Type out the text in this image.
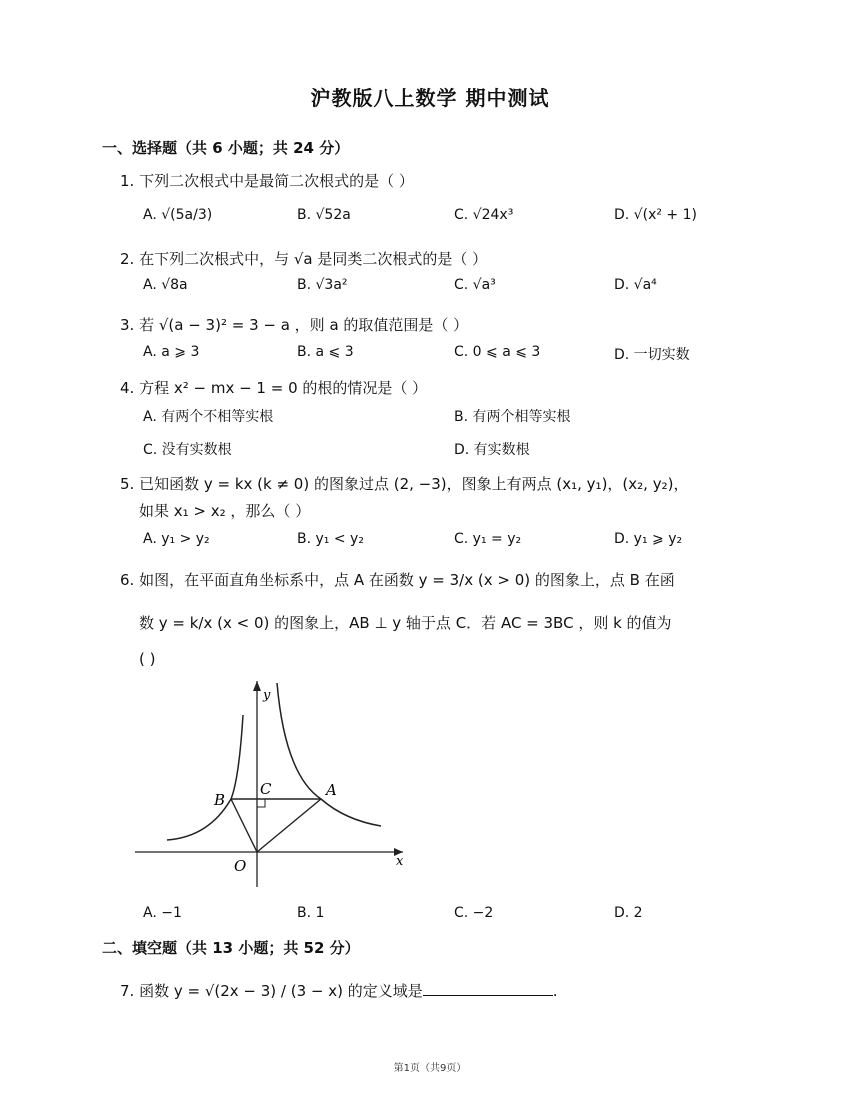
沪教版八上数学 期中测试
一、选择题（共 6 小题；共 24 分）
1. 下列二次根式中是最简二次根式的是（ ）
A. √(5a/3)	B. √52a	C. √24x³	D. √(x² + 1)
2. 在下列二次根式中，与 √a 是同类二次根式的是（ ）
A. √8a	B. √3a²	C. √a³	D. √a⁴
3. 若 √(a − 3)² = 3 − a ，则 a 的取值范围是（ ）
A. a ⩾ 3	B. a ⩽ 3	C. 0 ⩽ a ⩽ 3	D. 一切实数
4. 方程 x² − mx − 1 = 0 的根的情况是（ ）
A. 有两个不相等实根	B. 有两个相等实根
C. 没有实数根	D. 有实数根
5. 已知函数 y = kx (k ≠ 0) 的图象过点 (2, −3)，图象上有两点 (x₁, y₁)，(x₂, y₂)，
如果 x₁ > x₂ ，那么（ ）
A. y₁ > y₂	B. y₁ < y₂	C. y₁ = y₂	D. y₁ ⩾ y₂
6. 如图，在平面直角坐标系中，点 A 在函数 y = 3/x (x > 0) 的图象上，点 B 在函
数 y = k/x (x < 0) 的图象上，AB ⊥ y 轴于点 C．若 AC = 3BC ，则 k 的值为
( )
y
x
O
A
B
C
A. −1	B. 1	C. −2	D. 2
二、填空题（共 13 小题；共 52 分）
7. 函数 y = √(2x − 3) / (3 − x) 的定义域是	.
第1页（共9页）
